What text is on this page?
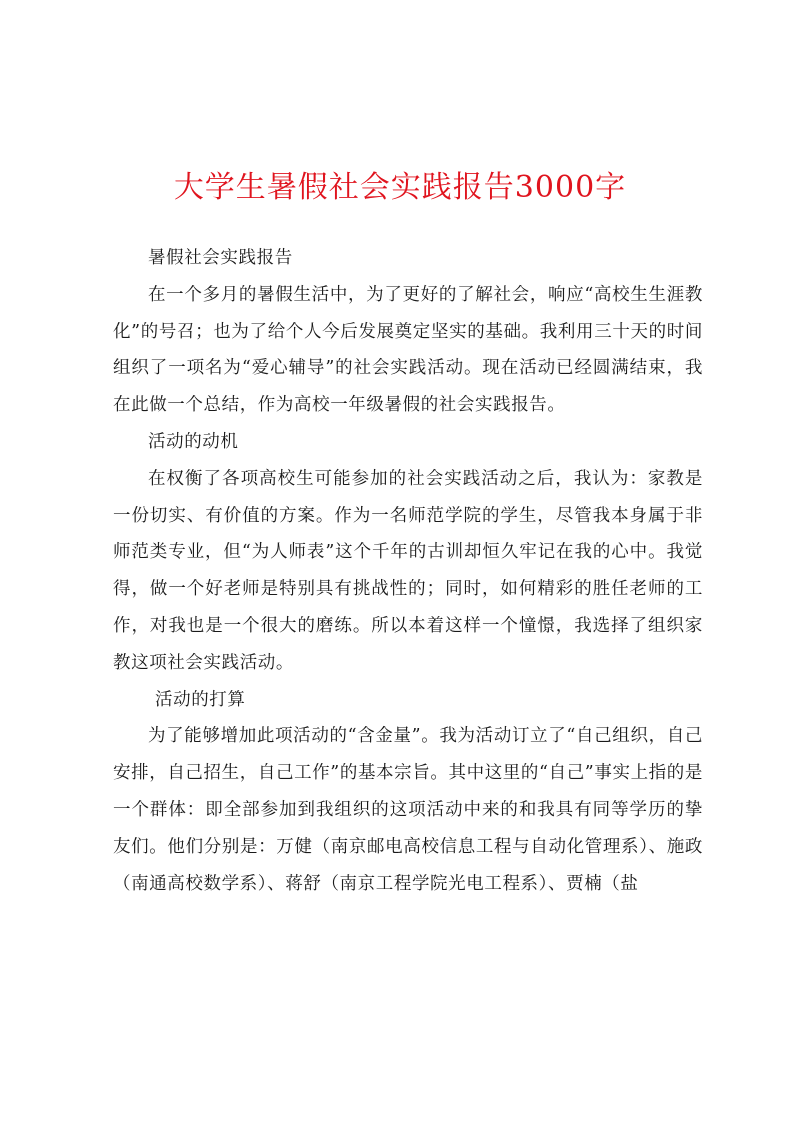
大学生暑假社会实践报告3000字

暑假社会实践报告

在一个多月的暑假生活中，为了更好的了解社会，响应“高校生生涯教化”的号召；也为了给个人今后发展奠定坚实的基础。我利用三十天的时间组织了一项名为“爱心辅导”的社会实践活动。现在活动已经圆满结束，我在此做一个总结，作为高校一年级暑假的社会实践报告。

活动的动机

在权衡了各项高校生可能参加的社会实践活动之后，我认为：家教是一份切实、有价值的方案。作为一名师范学院的学生，尽管我本身属于非师范类专业，但“为人师表”这个千年的古训却恒久牢记在我的心中。我觉得，做一个好老师是特别具有挑战性的；同时，如何精彩的胜任老师的工作，对我也是一个很大的磨练。所以本着这样一个憧憬，我选择了组织家教这项社会实践活动。

活动的打算

为了能够增加此项活动的“含金量”。我为活动订立了“自己组织，自己安排，自己招生，自己工作”的基本宗旨。其中这里的“自己”事实上指的是一个群体：即全部参加到我组织的这项活动中来的和我具有同等学历的挚友们。他们分别是：万健（南京邮电高校信息工程与自动化管理系）、施政（南通高校数学系）、蒋舒（南京工程学院光电工程系）、贾楠（盐
